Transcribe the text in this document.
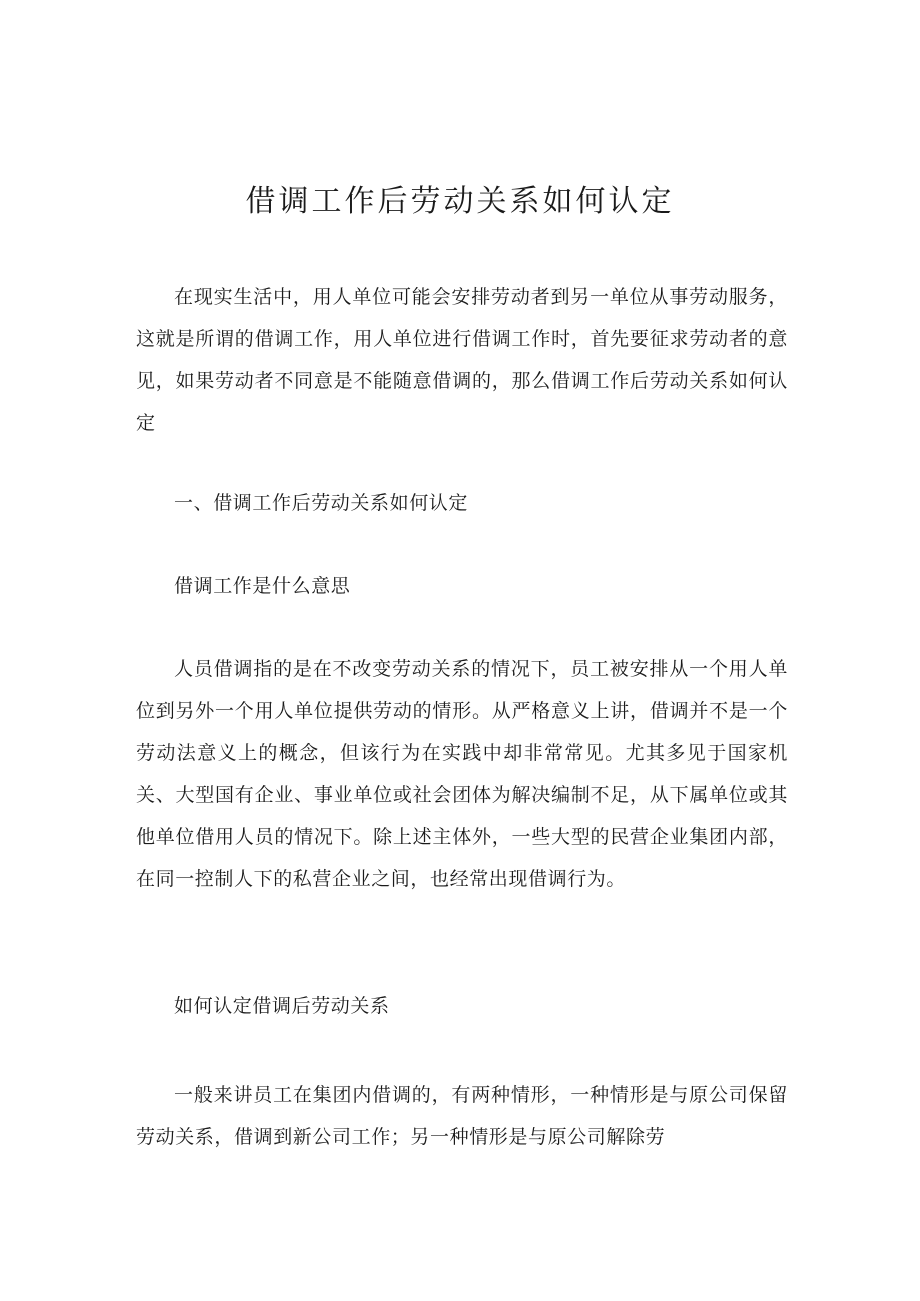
借调工作后劳动关系如何认定

在现实生活中，用人单位可能会安排劳动者到另一单位从事劳动服务，这就是所谓的借调工作，用人单位进行借调工作时，首先要征求劳动者的意见，如果劳动者不同意是不能随意借调的，那么借调工作后劳动关系如何认定

一、借调工作后劳动关系如何认定

借调工作是什么意思

人员借调指的是在不改变劳动关系的情况下，员工被安排从一个用人单位到另外一个用人单位提供劳动的情形。从严格意义上讲，借调并不是一个劳动法意义上的概念，但该行为在实践中却非常常见。尤其多见于国家机关、大型国有企业、事业单位或社会团体为解决编制不足，从下属单位或其他单位借用人员的情况下。除上述主体外，一些大型的民营企业集团内部，在同一控制人下的私营企业之间，也经常出现借调行为。

如何认定借调后劳动关系

一般来讲员工在集团内借调的，有两种情形，一种情形是与原公司保留劳动关系，借调到新公司工作；另一种情形是与原公司解除劳
